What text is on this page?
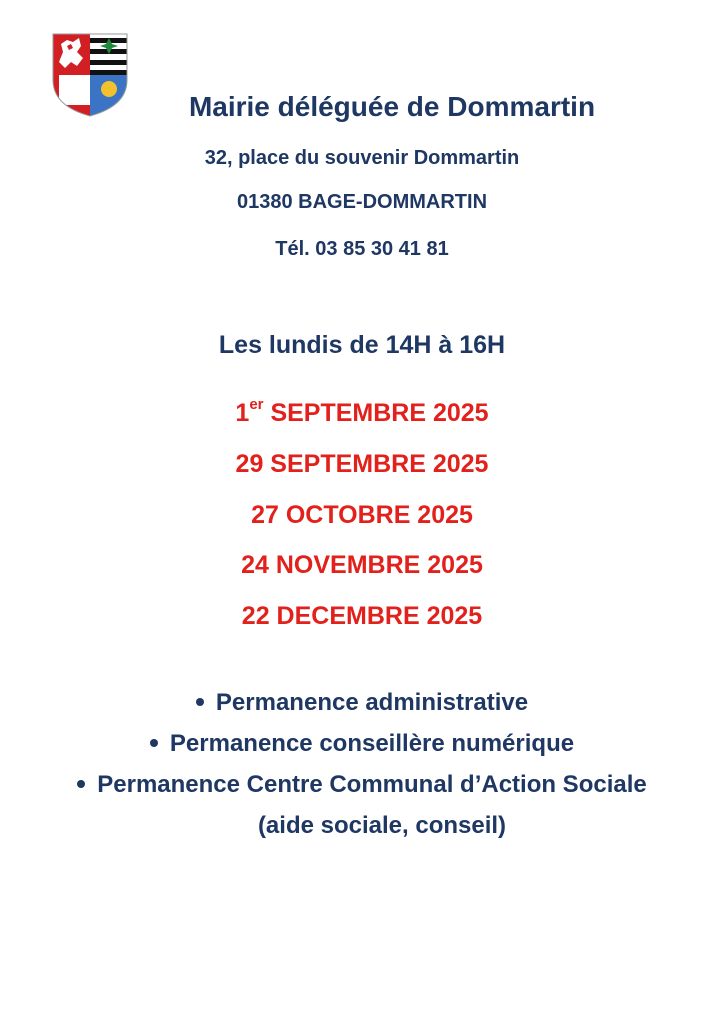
Mairie déléguée de Dommartin

32, place du souvenir Dommartin

01380 BAGE-DOMMARTIN

Tél. 03 85 30 41 81

Les lundis de 14H à 16H

1er SEPTEMBRE 2025

29 SEPTEMBRE 2025

27 OCTOBRE 2025

24 NOVEMBRE 2025

22 DECEMBRE 2025

Permanence administrative

Permanence conseillère numérique

Permanence Centre Communal d’Action Sociale

(aide sociale, conseil)
